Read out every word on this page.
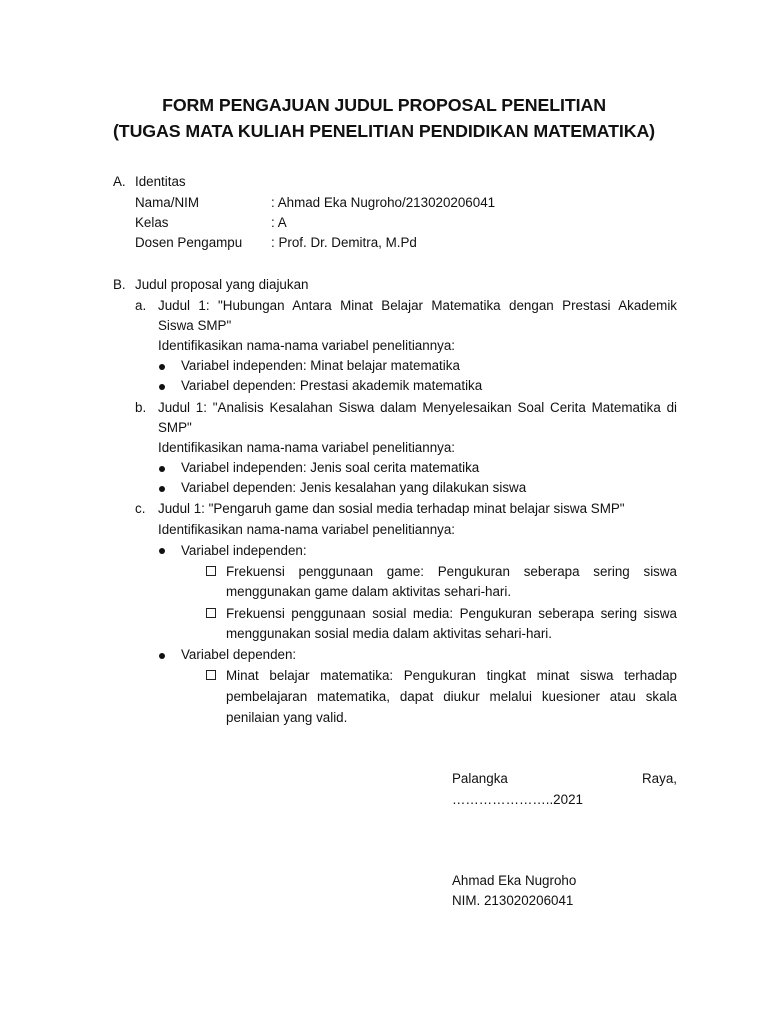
FORM PENGAJUAN JUDUL PROPOSAL PENELITIAN
(TUGAS MATA KULIAH PENELITIAN PENDIDIKAN MATEMATIKA)
A. Identitas
Nama/NIM	: Ahmad Eka Nugroho/213020206041
Kelas	: A
Dosen Pengampu : Prof. Dr. Demitra, M.Pd
B. Judul proposal yang diajukan
a. Judul 1: "Hubungan Antara Minat Belajar Matematika dengan Prestasi Akademik
Siswa SMP"
Identifikasikan nama-nama variabel penelitiannya:
Variabel independen: Minat belajar matematika
Variabel dependen: Prestasi akademik matematika
b. Judul 1: "Analisis Kesalahan Siswa dalam Menyelesaikan Soal Cerita Matematika di
SMP"
Identifikasikan nama-nama variabel penelitiannya:
Variabel independen: Jenis soal cerita matematika
Variabel dependen: Jenis kesalahan yang dilakukan siswa
c. Judul 1: "Pengaruh game dan sosial media terhadap minat belajar siswa SMP"
Identifikasikan nama-nama variabel penelitiannya:
Variabel independen:
Frekuensi penggunaan game: Pengukuran seberapa sering siswa
menggunakan game dalam aktivitas sehari-hari.
Frekuensi penggunaan sosial media: Pengukuran seberapa sering siswa
menggunakan sosial media dalam aktivitas sehari-hari.
Variabel dependen:
Minat belajar matematika: Pengukuran tingkat minat siswa terhadap
pembelajaran matematika, dapat diukur melalui kuesioner atau skala
penilaian yang valid.
Palangka	Raya,
…………………..2021
Ahmad Eka Nugroho
NIM. 213020206041
